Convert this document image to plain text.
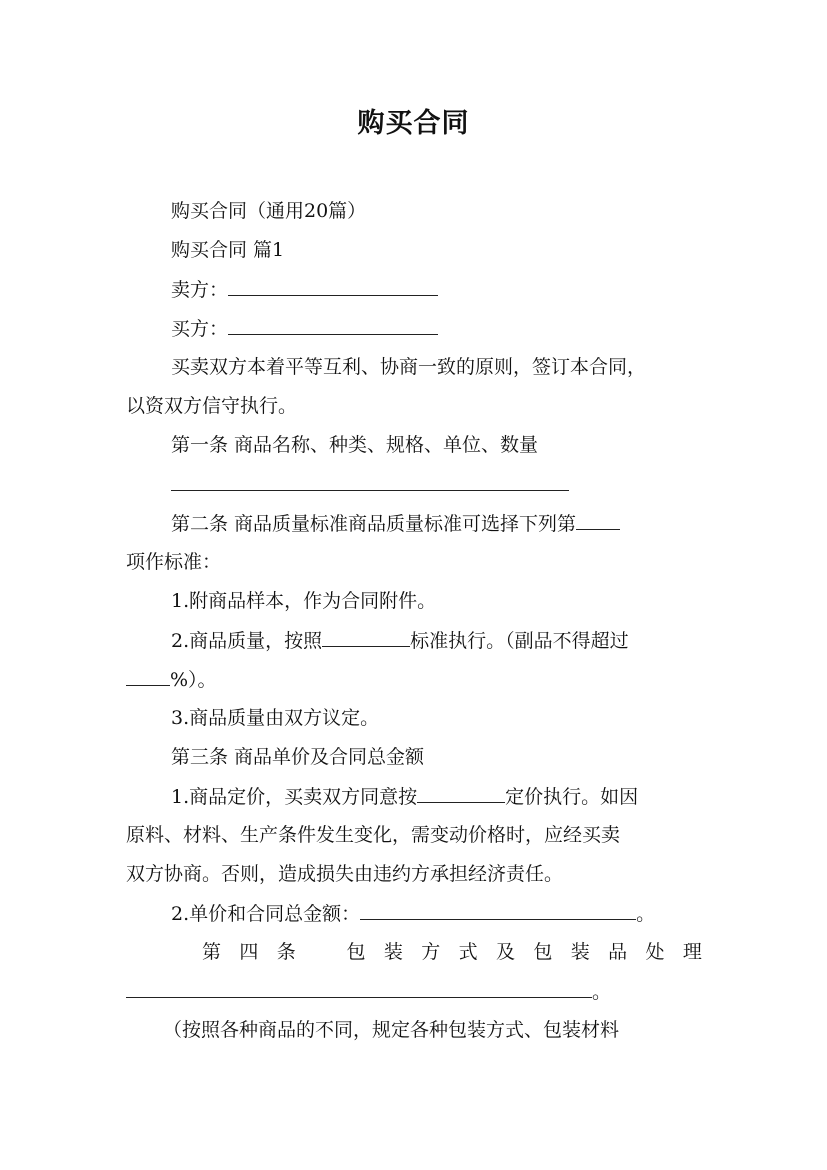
购买合同
购买合同（通用20篇）
购买合同 篇1
卖方：
买方：
买卖双方本着平等互利、协商一致的原则，签订本合同，
以资双方信守执行。
第一条 商品名称、种类、规格、单位、数量
第二条 商品质量标准商品质量标准可选择下列第
项作标准：
1.附商品样本，作为合同附件。
2.商品质量，按照	标准执行。（副品不得超过
%）。
3.商品质量由双方议定。
第三条 商品单价及合同总金额
1.商品定价，买卖双方同意按	定价执行。如因
原料、材料、生产条件发生变化，需变动价格时，应经买卖
双方协商。否则，造成损失由违约方承担经济责任。
2.单价和合同总金额：	。
第 四 条	包 装 方 式 及 包 装 品 处 理
。
（按照各种商品的不同，规定各种包装方式、包装材料
